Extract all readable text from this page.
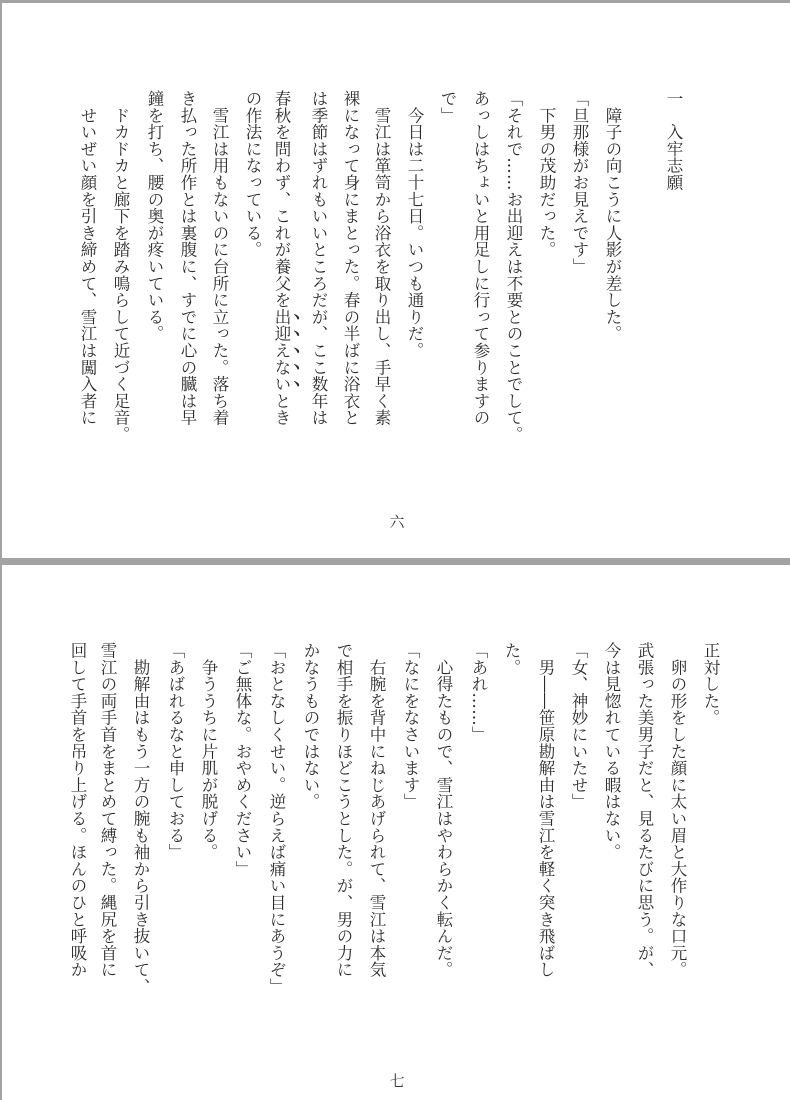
一　入牢志願
　障子の向こうに人影が差した。
「旦那様がお見えです」
　下男の茂助だった。
「それで……お出迎えは不要とのことでして。
あっしはちょいと用足しに行って参りますの
で」
　今日は二十七日。いつも通りだ。
　雪江は箪笥から浴衣を取り出し、手早く素
裸になって身にまとった。春の半ばに浴衣と
は季節はずれもいいところだが、ここ数年は
春秋を問わず、これが養父を出迎えないとき
の作法になっている。
　雪江は用もないのに台所に立った。落ち着
き払った所作とは裏腹に、すでに心の臓は早
鐘を打ち、腰の奥が疼いている。
　ドカドカと廊下を踏み鳴らして近づく足音。
　せいぜい顔を引き締めて、雪江は闖入者に
六
正対した。
　卵の形をした顔に太い眉と大作りな口元。
武張った美男子だと、見るたびに思う。が、
今は見惚れている暇はない。
「女、神妙にいたせ」
　男――笹原勘解由は雪江を軽く突き飛ばし
た。
「あれ……」
　心得たもので、雪江はやわらかく転んだ。
「なにをなさいます」
　右腕を背中にねじあげられて、雪江は本気
で相手を振りほどこうとした。が、男の力に
かなうものではない。
「おとなしくせい。逆らえば痛い目にあうぞ」
「ご無体な。おやめください」
　争ううちに片肌が脱げる。
「あばれるなと申しておる」
　勘解由はもう一方の腕も袖から引き抜いて、
雪江の両手首をまとめて縛った。縄尻を首に
回して手首を吊り上げる。ほんのひと呼吸か
七
